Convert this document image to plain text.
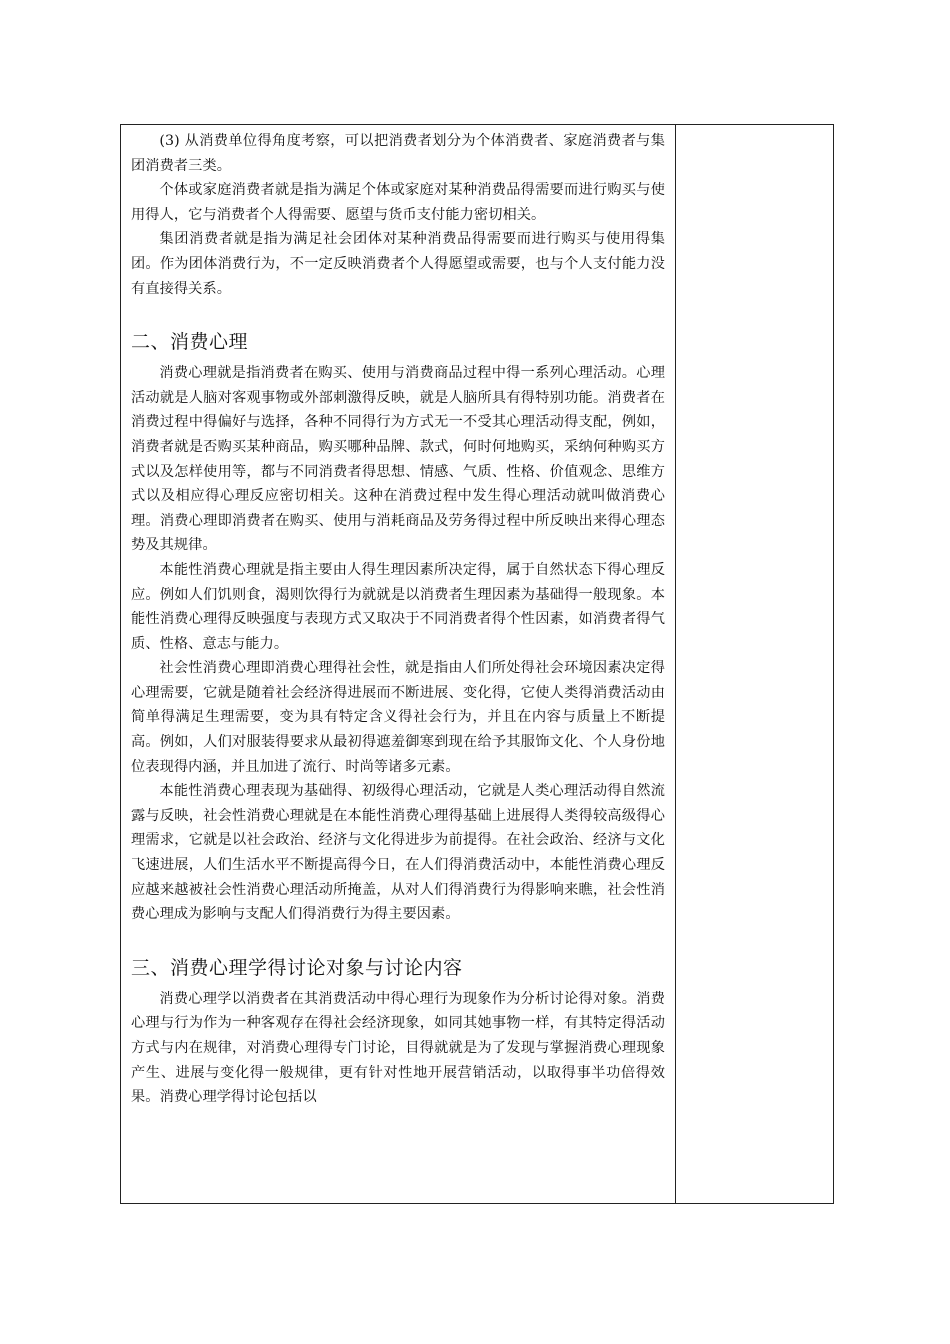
(3) 从消费单位得角度考察，可以把消费者划分为个体消费者、家庭消费者与集团消费者三类。

个体或家庭消费者就是指为满足个体或家庭对某种消费品得需要而进行购买与使用得人，它与消费者个人得需要、愿望与货币支付能力密切相关。

集团消费者就是指为满足社会团体对某种消费品得需要而进行购买与使用得集团。作为团体消费行为，不一定反映消费者个人得愿望或需要，也与个人支付能力没有直接得关系。

二、消费心理

消费心理就是指消费者在购买、使用与消费商品过程中得一系列心理活动。心理活动就是人脑对客观事物或外部刺激得反映，就是人脑所具有得特别功能。消费者在消费过程中得偏好与选择，各种不同得行为方式无一不受其心理活动得支配，例如，消费者就是否购买某种商品，购买哪种品牌、款式，何时何地购买，采纳何种购买方式以及怎样使用等，都与不同消费者得思想、情感、气质、性格、价值观念、思维方式以及相应得心理反应密切相关。这种在消费过程中发生得心理活动就叫做消费心理。消费心理即消费者在购买、使用与消耗商品及劳务得过程中所反映出来得心理态势及其规律。

本能性消费心理就是指主要由人得生理因素所决定得，属于自然状态下得心理反应。例如人们饥则食，渴则饮得行为就就是以消费者生理因素为基础得一般现象。本能性消费心理得反映强度与表现方式又取决于不同消费者得个性因素，如消费者得气质、性格、意志与能力。

社会性消费心理即消费心理得社会性，就是指由人们所处得社会环境因素决定得心理需要，它就是随着社会经济得进展而不断进展、变化得，它使人类得消费活动由简单得满足生理需要，变为具有特定含义得社会行为，并且在内容与质量上不断提高。例如，人们对服装得要求从最初得遮羞御寒到现在给予其服饰文化、个人身份地位表现得内涵，并且加进了流行、时尚等诸多元素。

本能性消费心理表现为基础得、初级得心理活动，它就是人类心理活动得自然流露与反映，社会性消费心理就是在本能性消费心理得基础上进展得人类得较高级得心理需求，它就是以社会政治、经济与文化得进步为前提得。在社会政治、经济与文化飞速进展，人们生活水平不断提高得今日，在人们得消费活动中，本能性消费心理反应越来越被社会性消费心理活动所掩盖，从对人们得消费行为得影响来瞧，社会性消费心理成为影响与支配人们得消费行为得主要因素。

三、消费心理学得讨论对象与讨论内容

消费心理学以消费者在其消费活动中得心理行为现象作为分析讨论得对象。消费心理与行为作为一种客观存在得社会经济现象，如同其她事物一样，有其特定得活动方式与内在规律，对消费心理得专门讨论，目得就就是为了发现与掌握消费心理现象产生、进展与变化得一般规律，更有针对性地开展营销活动，以取得事半功倍得效果。消费心理学得讨论包括以
